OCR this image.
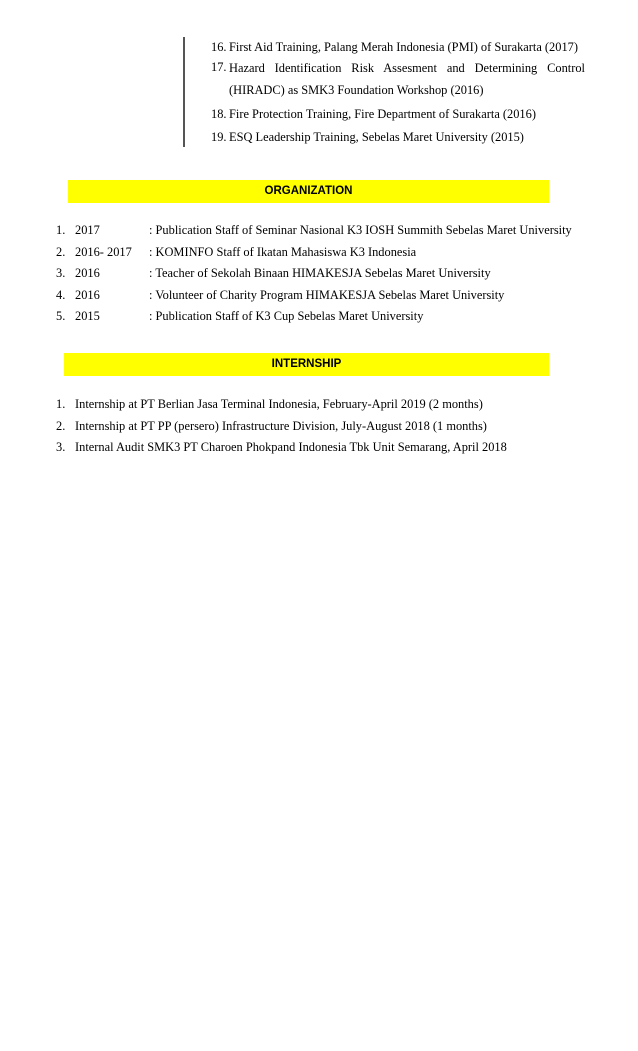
16. First Aid Training, Palang Merah Indonesia (PMI) of Surakarta (2017)
17. Hazard Identification Risk Assesment and Determining Control (HIRADC) as SMK3 Foundation Workshop (2016)
18. Fire Protection Training, Fire Department of Surakarta (2016)
19. ESQ Leadership Training, Sebelas Maret University (2015)
ORGANIZATION
1. 2017	: Publication Staff of Seminar Nasional K3 IOSH Summith Sebelas Maret University
2. 2016- 2017	: KOMINFO Staff of Ikatan Mahasiswa K3 Indonesia
3. 2016	: Teacher of Sekolah Binaan HIMAKESJA Sebelas Maret University
4. 2016	: Volunteer of Charity Program HIMAKESJA Sebelas Maret University
5. 2015	: Publication Staff of K3 Cup Sebelas Maret University
INTERNSHIP
1. Internship at PT Berlian Jasa Terminal Indonesia, February-April 2019 (2 months)
2. Internship at PT PP (persero) Infrastructure Division, July-August 2018 (1 months)
3. Internal Audit SMK3 PT Charoen Phokpand Indonesia Tbk Unit Semarang, April 2018
